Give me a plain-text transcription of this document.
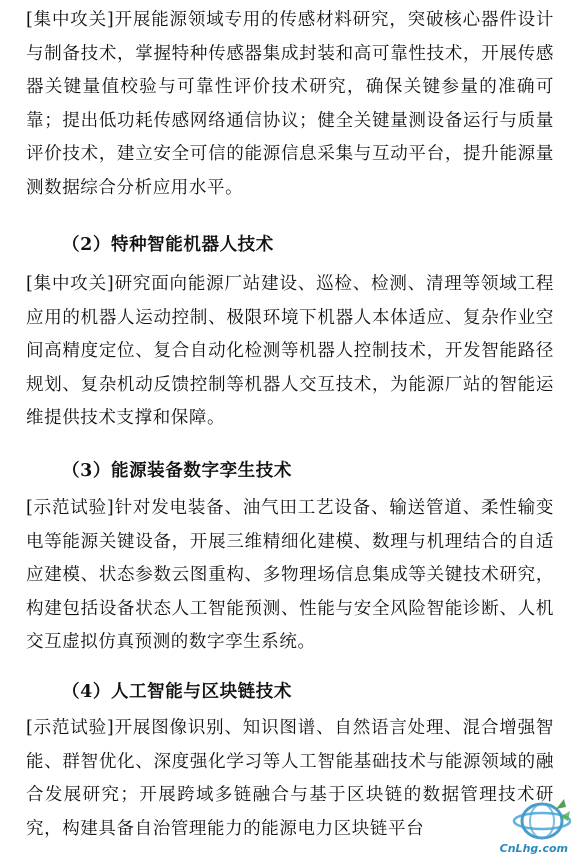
[集中攻关]开展能源领域专用的传感材料研究，突破核心器件设计与制备技术，掌握特种传感器集成封装和高可靠性技术，开展传感器关键量值校验与可靠性评价技术研究，确保关键参量的准确可靠；提出低功耗传感网络通信协议；健全关键量测设备运行与质量评价技术，建立安全可信的能源信息采集与互动平台，提升能源量测数据综合分析应用水平。

（2）特种智能机器人技术

[集中攻关]研究面向能源厂站建设、巡检、检测、清理等领域工程应用的机器人运动控制、极限环境下机器人本体适应、复杂作业空间高精度定位、复合自动化检测等机器人控制技术，开发智能路径规划、复杂机动反馈控制等机器人交互技术，为能源厂站的智能运维提供技术支撑和保障。

（3）能源装备数字孪生技术

[示范试验]针对发电装备、油气田工艺设备、输送管道、柔性输变电等能源关键设备，开展三维精细化建模、数理与机理结合的自适应建模、状态参数云图重构、多物理场信息集成等关键技术研究，构建包括设备状态人工智能预测、性能与安全风险智能诊断、人机交互虚拟仿真预测的数字孪生系统。

（4）人工智能与区块链技术

[示范试验]开展图像识别、知识图谱、自然语言处理、混合增强智能、群智优化、深度强化学习等人工智能基础技术与能源领域的融合发展研究；开展跨域多链融合与基于区块链的数据管理技术研究，构建具备自治管理能力的能源电力区块链平台

CnLhg.com
